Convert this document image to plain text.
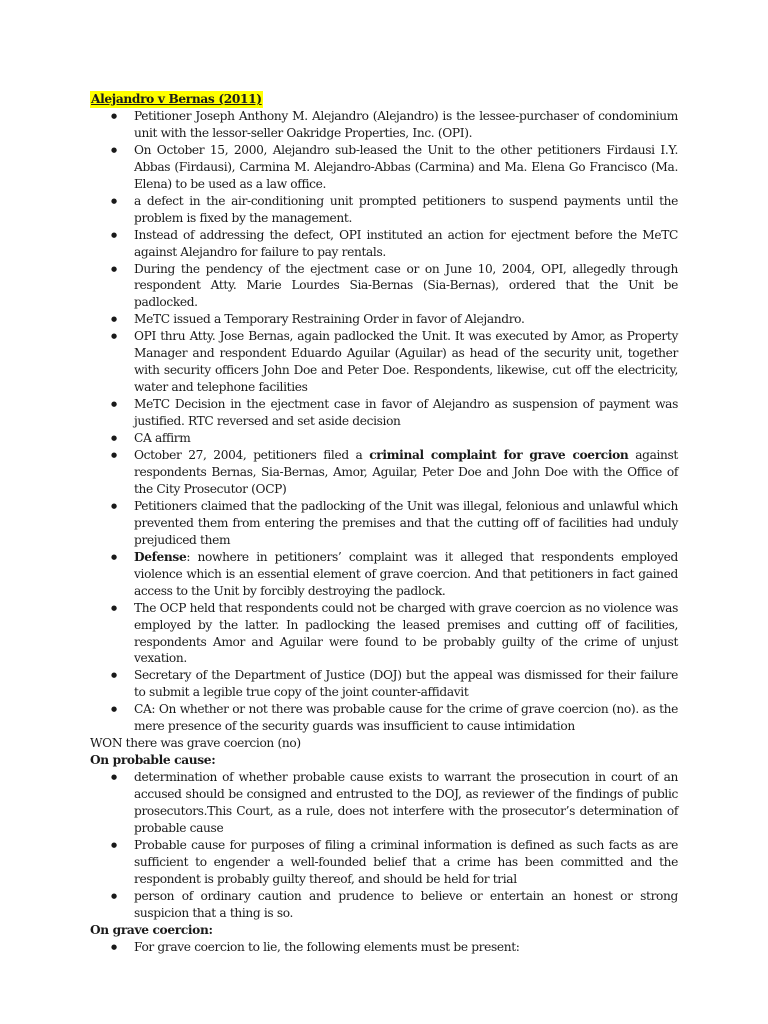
Alejandro v Bernas (2011)
● Petitioner Joseph Anthony M. Alejandro (Alejandro) is the lessee-purchaser of condominium unit with the lessor-seller Oakridge Properties, Inc. (OPI).
● On October 15, 2000, Alejandro sub-leased the Unit to the other petitioners Firdausi I.Y. Abbas (Firdausi), Carmina M. Alejandro-Abbas (Carmina) and Ma. Elena Go Francisco (Ma. Elena) to be used as a law office.
● a defect in the air-conditioning unit prompted petitioners to suspend payments until the problem is fixed by the management.
● Instead of addressing the defect, OPI instituted an action for ejectment before the MeTC against Alejandro for failure to pay rentals.
● During the pendency of the ejectment case or on June 10, 2004, OPI, allegedly through respondent Atty. Marie Lourdes Sia-Bernas (Sia-Bernas), ordered that the Unit be padlocked.
● MeTC issued a Temporary Restraining Order in favor of Alejandro.
● OPI thru Atty. Jose Bernas, again padlocked the Unit. It was executed by Amor, as Property Manager and respondent Eduardo Aguilar (Aguilar) as head of the security unit, together with security officers John Doe and Peter Doe. Respondents, likewise, cut off the electricity, water and telephone facilities
● MeTC Decision in the ejectment case in favor of Alejandro as suspension of payment was justified. RTC reversed and set aside decision
● CA affirm
● October 27, 2004, petitioners filed a criminal complaint for grave coercion against respondents Bernas, Sia-Bernas, Amor, Aguilar, Peter Doe and John Doe with the Office of the City Prosecutor (OCP)
● Petitioners claimed that the padlocking of the Unit was illegal, felonious and unlawful which prevented them from entering the premises and that the cutting off of facilities had unduly prejudiced them
● Defense: nowhere in petitioners’ complaint was it alleged that respondents employed violence which is an essential element of grave coercion. And that petitioners in fact gained access to the Unit by forcibly destroying the padlock.
● The OCP held that respondents could not be charged with grave coercion as no violence was employed by the latter. In padlocking the leased premises and cutting off of facilities, respondents Amor and Aguilar were found to be probably guilty of the crime of unjust vexation.
● Secretary of the Department of Justice (DOJ) but the appeal was dismissed for their failure to submit a legible true copy of the joint counter-affidavit
● CA: On whether or not there was probable cause for the crime of grave coercion (no). as the mere presence of the security guards was insufficient to cause intimidation
WON there was grave coercion (no)
On probable cause:
● determination of whether probable cause exists to warrant the prosecution in court of an accused should be consigned and entrusted to the DOJ, as reviewer of the findings of public prosecutors.This Court, as a rule, does not interfere with the prosecutor’s determination of probable cause
● Probable cause for purposes of filing a criminal information is defined as such facts as are sufficient to engender a well-founded belief that a crime has been committed and the respondent is probably guilty thereof, and should be held for trial
● person of ordinary caution and prudence to believe or entertain an honest or strong suspicion that a thing is so.
On grave coercion:
● For grave coercion to lie, the following elements must be present:
